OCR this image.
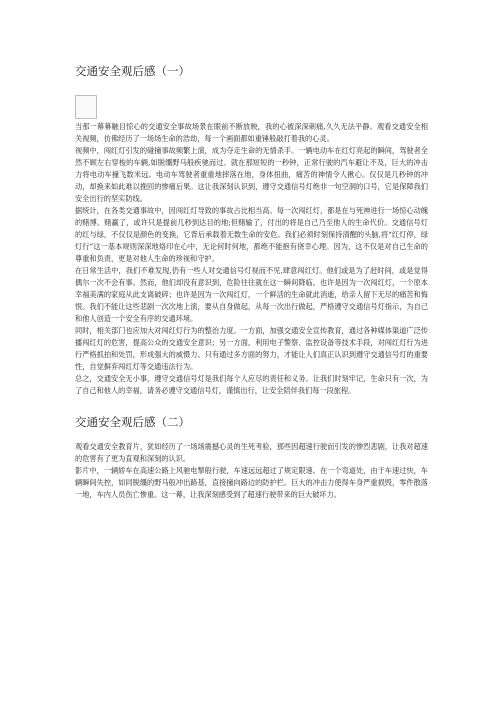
交通安全观后感（一）

当那一幕幕触目惊心的交通安全事故场景在眼前不断放映，我的心被深深刺痛,久久无法平静。观看交通安全相关视频，仿佛经历了一场场生命的浩劫，每一个画面都如重锤般敲打着我的心灵。

视频中，闯红灯引发的碰撞事故频繁上演，成为夺走生命的无情杀手。一辆电动车在红灯亮起的瞬间，驾驶者全然不顾左右穿梭的车辆,如脱缰野马般疾驰而过。就在那短短的一秒钟，正常行驶的汽车避让不及，巨大的冲击力将电动车撞飞数米远。电动车驾驶者重重地摔落在地，身体扭曲，痛苦的神情令人揪心。仅仅是几秒钟的冲动，却换来如此难以挽回的惨痛后果。这让我深刻认识到，遵守交通信号灯绝非一句空洞的口号，它是保障我们安全出行的坚实防线。

据统计，在各类交通事故中，因闯红灯导致的事故占比相当高。每一次闯红灯，都是在与死神进行一场惊心动魄的赌博。赌赢了，或许只是提前几秒到达目的地;但赌输了，付出的将是自己乃至他人的生命代价。交通信号灯的红与绿，不仅仅是颜色的变换，它背后承载着无数生命的安危。我们必须时刻保持清醒的头脑,将“红灯停，绿灯行”这一基本规则深深地烙印在心中，无论何时何地，都绝不能抱有侥幸心理。因为，这不仅是对自己生命的尊重和负责，更是对他人生命的珍视和守护。

在日常生活中，我们不难发现,仍有一些人对交通信号灯视而不见,肆意闯红灯。他们或是为了赶时间，或是觉得偶尔一次不会有事。然而，他们却没有意识到，危险往往就在这一瞬间降临。也许是因为一次闯红灯，一个原本幸福美满的家庭从此支离破碎；也许是因为一次闯红灯，一个鲜活的生命就此消逝，给亲人留下无尽的痛苦和悔恨。我们不能让这些悲剧一次次地上演，要从自身做起，从每一次出行做起，严格遵守交通信号灯指示，为自己和他人创造一个安全有序的交通环境。

同时，相关部门也应加大对闯红灯行为的整治力度。一方面，加强交通安全宣传教育，通过各种媒体渠道广泛传播闯红灯的危害，提高公众的交通安全意识；另一方面，利用电子警察、监控设备等技术手段，对闯红灯行为进行严格抓拍和处罚，形成强大的威慑力。只有通过多方面的努力，才能让人们真正认识到遵守交通信号灯的重要性，自觉摒弃闯红灯等交通违法行为。

总之，交通安全无小事，遵守交通信号灯是我们每个人应尽的责任和义务。让我们时刻牢记，生命只有一次，为了自己和他人的幸福，请务必遵守交通信号灯，谨慎出行，让安全陪伴我们每一段旅程。

交通安全观后感（二）

观看交通安全教育片，犹如经历了一场场震撼心灵的生死考验，那些因超速行驶而引发的惨烈悲剧，让我对超速的危害有了更为直观和深刻的认识。

影片中，一辆轿车在高速公路上风驰电掣般行驶，车速远远超过了规定限速。在一个弯道处，由于车速过快，车辆瞬间失控，如同脱缰的野马般冲出路基，直接撞向路边的防护栏。巨大的冲击力使得车身严重损毁，零件散落一地，车内人员伤亡惨重。这一幕，让我深刻感受到了超速行驶带来的巨大破坏力。
